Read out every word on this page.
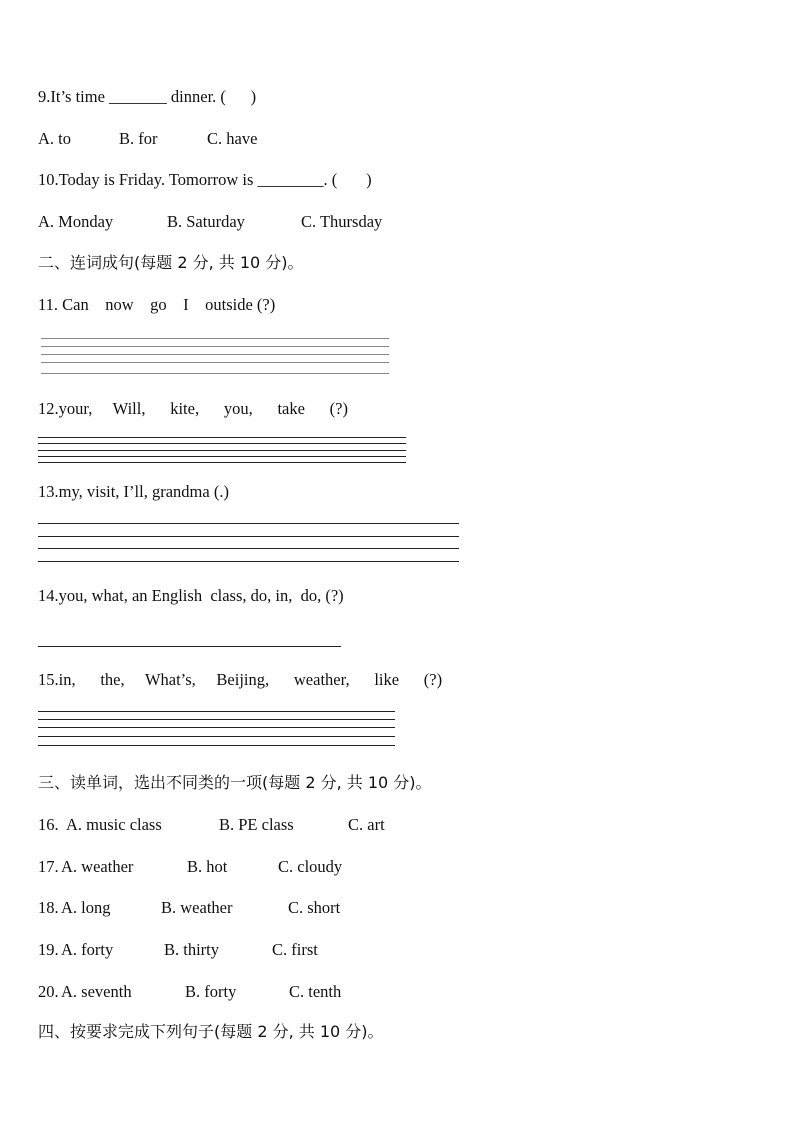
9.It’s time _______ dinner. (      )
A. to	B. for	C. have
10.Today is Friday. Tomorrow is ________. (       )
A. Monday	B. Saturday	C. Thursday
二、连词成句(每题 2 分, 共 10 分)。
11. Can    now    go    I    outside (?)
12.your,     Will,      kite,      you,      take      (?)
13.my, visit, I’ll, grandma (.)
14.you, what, an English  class, do, in,  do, (?)
15.in,      the,     What’s,     Beijing,      weather,      like      (?)
三、读单词，选出不同类的一项(每题 2 分, 共 10 分)。
16. A. music class	B. PE class	C. art
17. A. weather	B. hot	C. cloudy
18. A. long	B. weather	C. short
19. A. forty	B. thirty	C. first
20. A. seventh	B. forty	C. tenth
四、按要求完成下列句子(每题 2 分, 共 10 分)。
